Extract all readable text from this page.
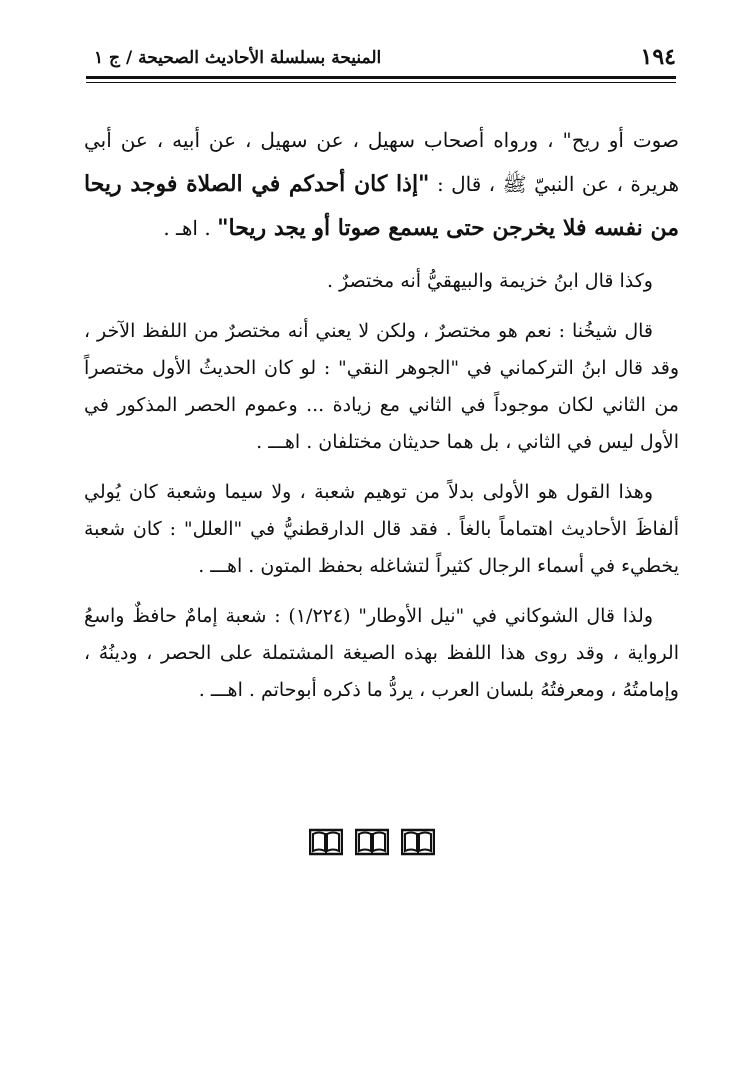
١٩٤
المنيحة بسلسلة الأحاديث الصحيحة / ج ١

صوت أو ريح" ، ورواه أصحاب سهيل ، عن سهيل ، عن أبيه ، عن أبي هريرة ، عن النبيّ ﷺ ، قال : "إذا كان أحدكم في الصلاة فوجد ريحا من نفسه فلا يخرجن حتى يسمع صوتا أو يجد ريحا" . اهـ .

وكذا قال ابنُ خزيمة والبيهقيُّ أنه مختصرٌ .

قال شيخُنا : نعم هو مختصرٌ ، ولكن لا يعني أنه مختصرٌ من اللفظ الآخر ، وقد قال ابنُ التركماني في "الجوهر النقي" : لو كان الحديثُ الأول مختصراً من الثاني لكان موجوداً في الثاني مع زيادة ... وعموم الحصر المذكور في الأول ليس في الثاني ، بل هما حديثان مختلفان . اهـــ .

وهذا القول هو الأولى بدلاً من توهيم شعبة ، ولا سيما وشعبة كان يُولي ألفاظَ الأحاديث اهتماماً بالغاً . فقد قال الدارقطنيُّ في "العلل" : كان شعبة يخطيء في أسماء الرجال كثيراً لتشاغله بحفظ المتون . اهـــ .

ولذا قال الشوكاني في "نيل الأوطار" (١/٢٢٤) : شعبة إمامٌ حافظٌ واسعُ الرواية ، وقد روى هذا اللفظ بهذه الصيغة المشتملة على الحصر ، ودينُهُ ، وإمامتُهُ ، ومعرفتُهُ بلسان العرب ، يردُّ ما ذكره أبوحاتم . اهـــ .
